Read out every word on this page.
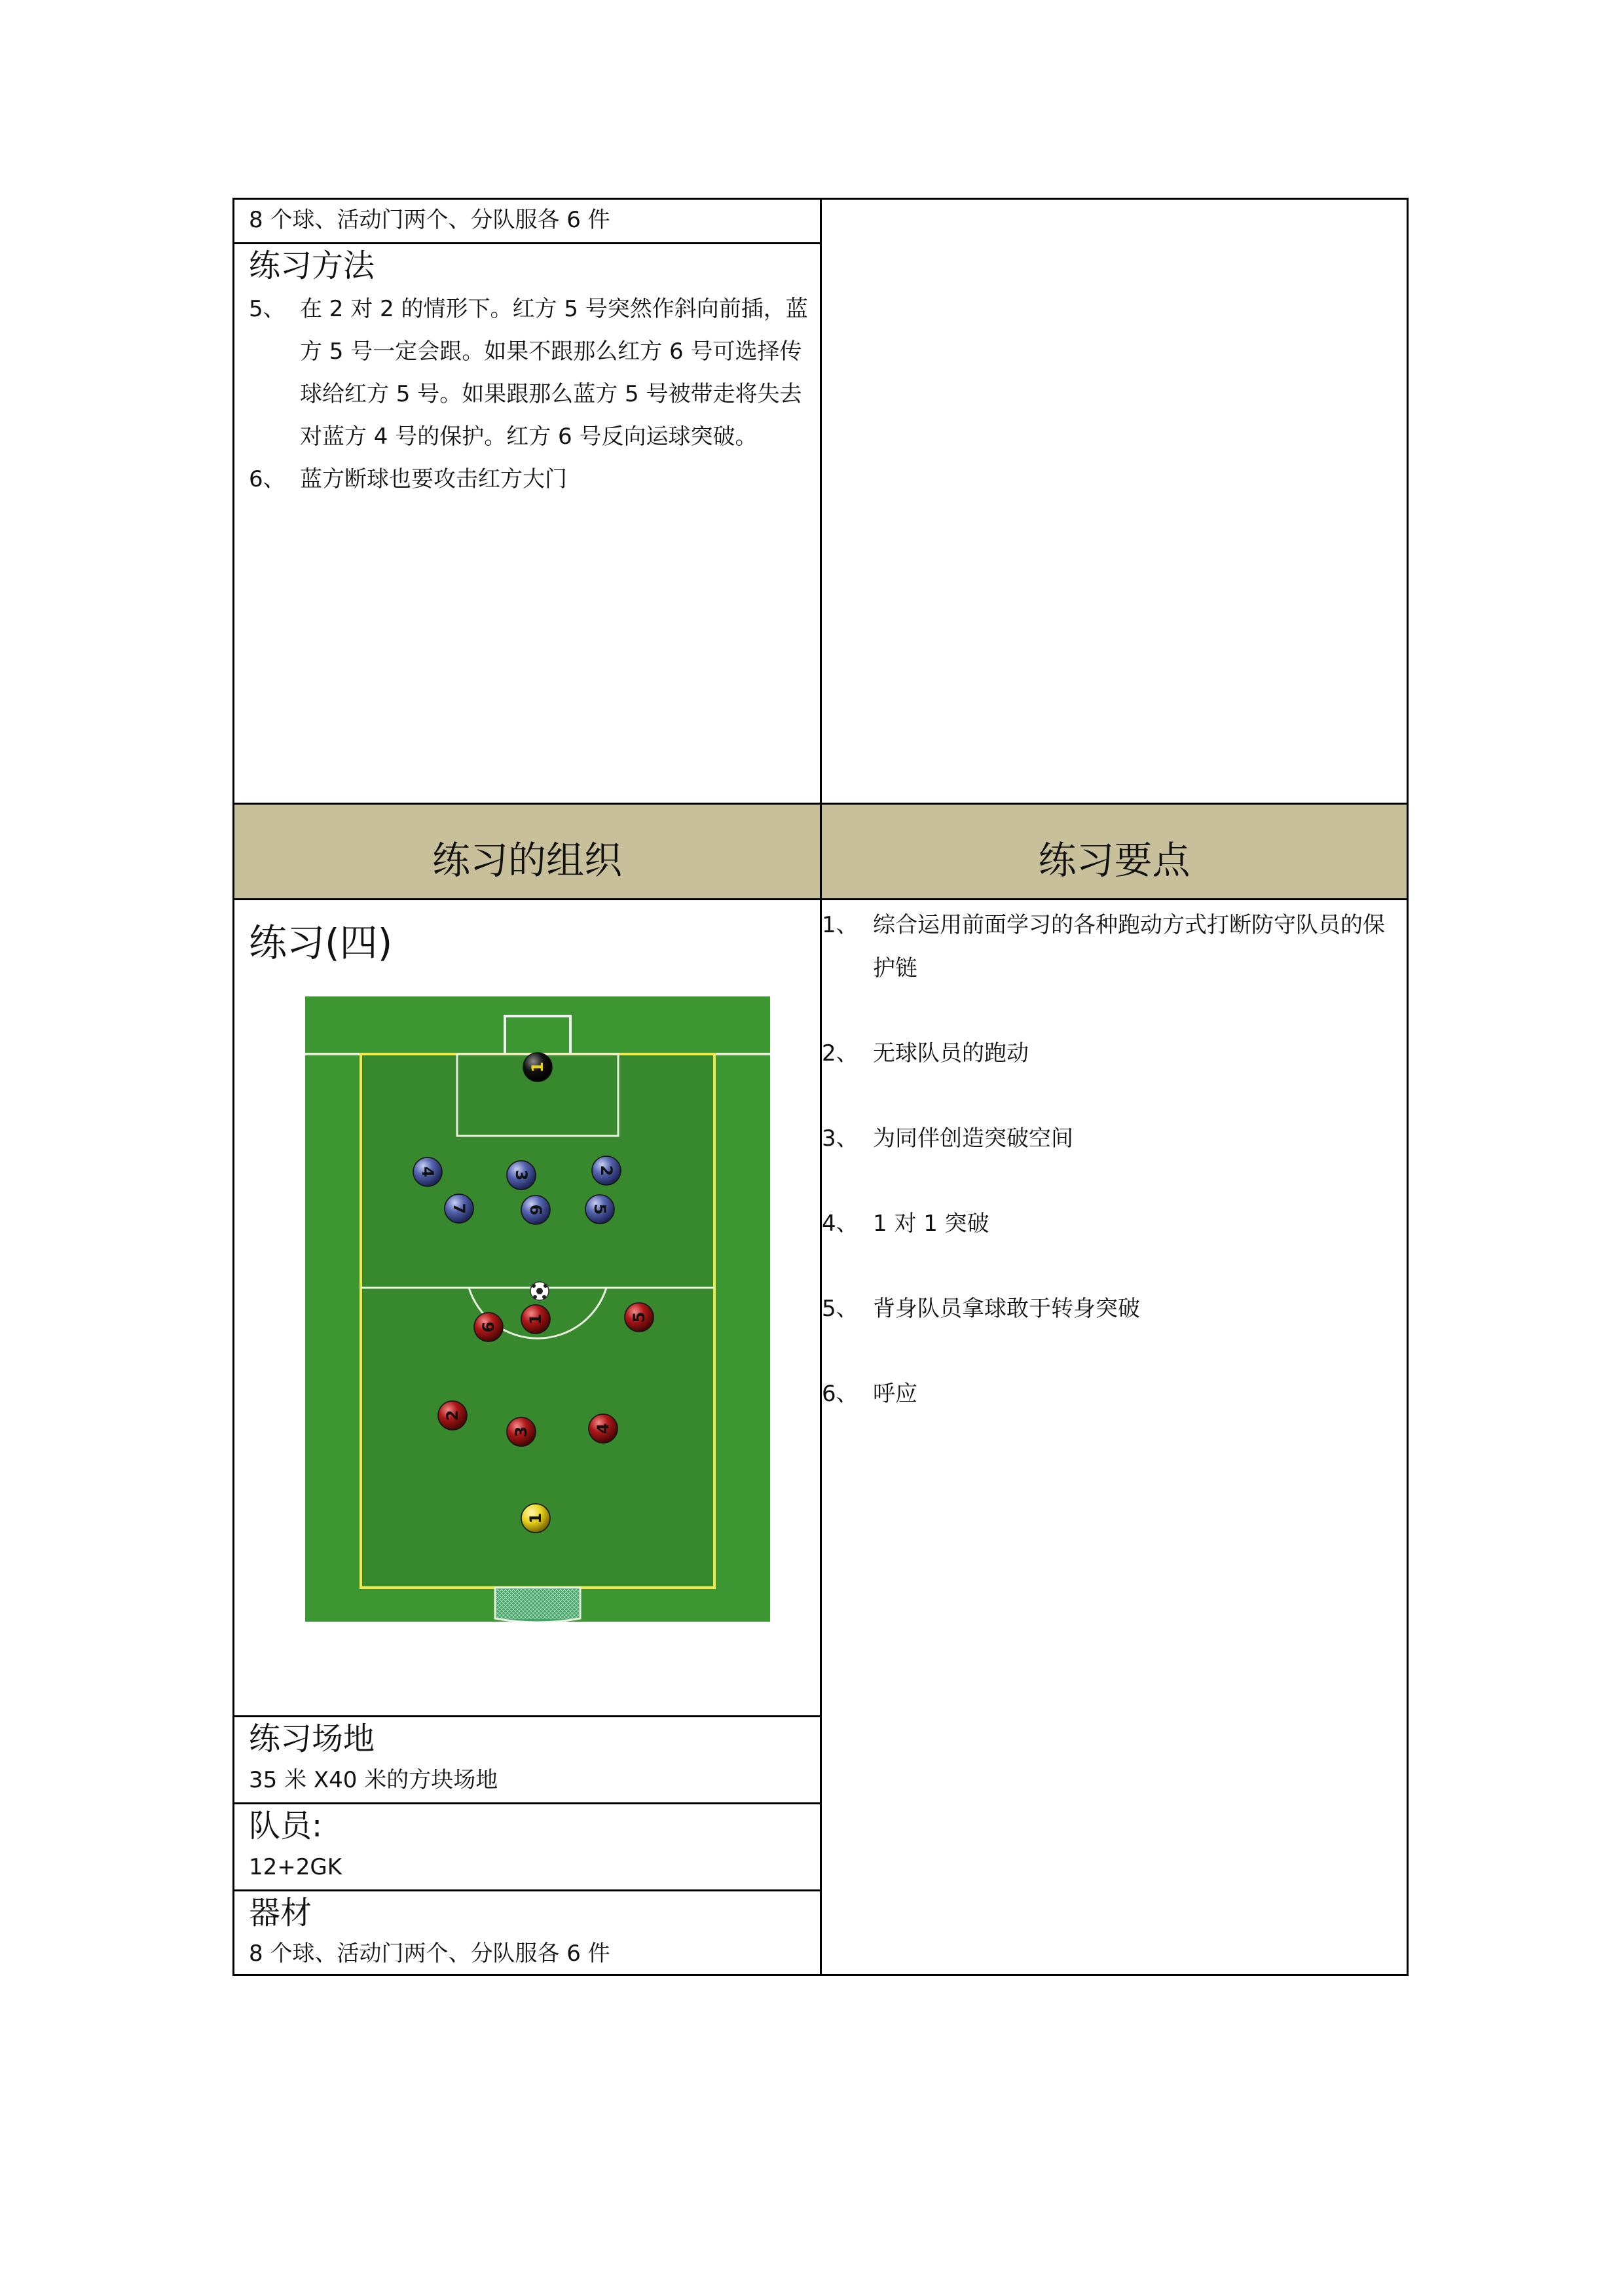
8 个球、活动门两个、分队服各 6 件
练习方法
5、 在 2 对 2 的情形下。红方 5 号突然作斜向前插，蓝方 5 号一定会跟。如果不跟那么红方 6 号可选择传球给红方 5 号。如果跟那么蓝方 5 号被带走将失去对蓝方 4 号的保护。红方 6 号反向运球突破。
6、 蓝方断球也要攻击红方大门
练习的组织	练习要点
练习(四)
1
4	3	2
7	6	5
6
1	5
2
3	4
1
练习场地
35 米 X40 米的方块场地
队员:
12+2GK
器材
8 个球、活动门两个、分队服各 6 件
1、 综合运用前面学习的各种跑动方式打断防守队员的保护链
2、 无球队员的跑动
3、 为同伴创造突破空间
4、 1 对 1 突破
5、 背身队员拿球敢于转身突破
6、 呼应
